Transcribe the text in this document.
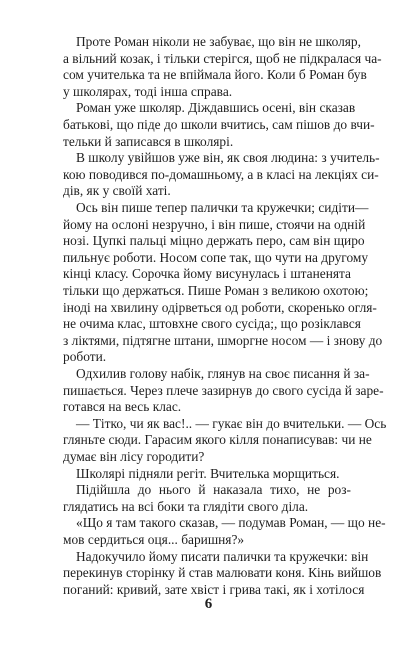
Проте Роман ніколи не забуває, що він не школяр,
а вільний козак, і тільки стерігся, щоб не підкралася ча-
сом учителька та не впіймала його. Коли б Роман був
у школярах, тоді інша справа.
Роман уже школяр. Діждавшись осені, він сказав
батькові, що піде до школи вчитись, сам пішов до вчи-
тельки й записався в школярі.
В школу увійшов уже він, як своя людина: з учитель-
кою поводився по-домашньому, а в класі на лекціях си-
дів, як у своїй хаті.
Ось він пише тепер палички та кружечки; сидіти—
йому на ослоні незручно, і він пише, стоячи на одній
нозі. Цупкі пальці міцно держать перо, сам він щиро
пильнує роботи. Носом сопе так, що чути на другому
кінці класу. Сорочка йому висунулась і штаненята
тільки що держаться. Пише Роман з великою охотою;
іноді на хвилину одірветься од роботи, скоренько огля-
не очима клас, штовхне свого сусіда;, що розіклався
з ліктями, підтягне штани, шморгне носом — і знову до
роботи.
Одхилив голову набік, глянув на своє писання й за-
пишається. Через плече зазирнув до свого сусіда й заре-
готався на весь клас.
— Тітко, чи як вас!.. — гукає він до вчительки. — Ось
гляньте сюди. Гарасим якого кілля понаписував: чи не
думає він лісу городити?
Школярі підняли регіт. Вчителька морщиться.
Підійшла до нього й наказала тихо, не роз-
глядатись на всі боки та глядіти свого діла.
«Що я там такого сказав, — подумав Роман, — що не-
мов сердиться оця... баришня?»
Надокучило йому писати палички та кружечки: він
перекинув сторінку й став малювати коня. Кінь вийшов
поганий: кривий, зате хвіст і грива такі, як і хотілося
6
